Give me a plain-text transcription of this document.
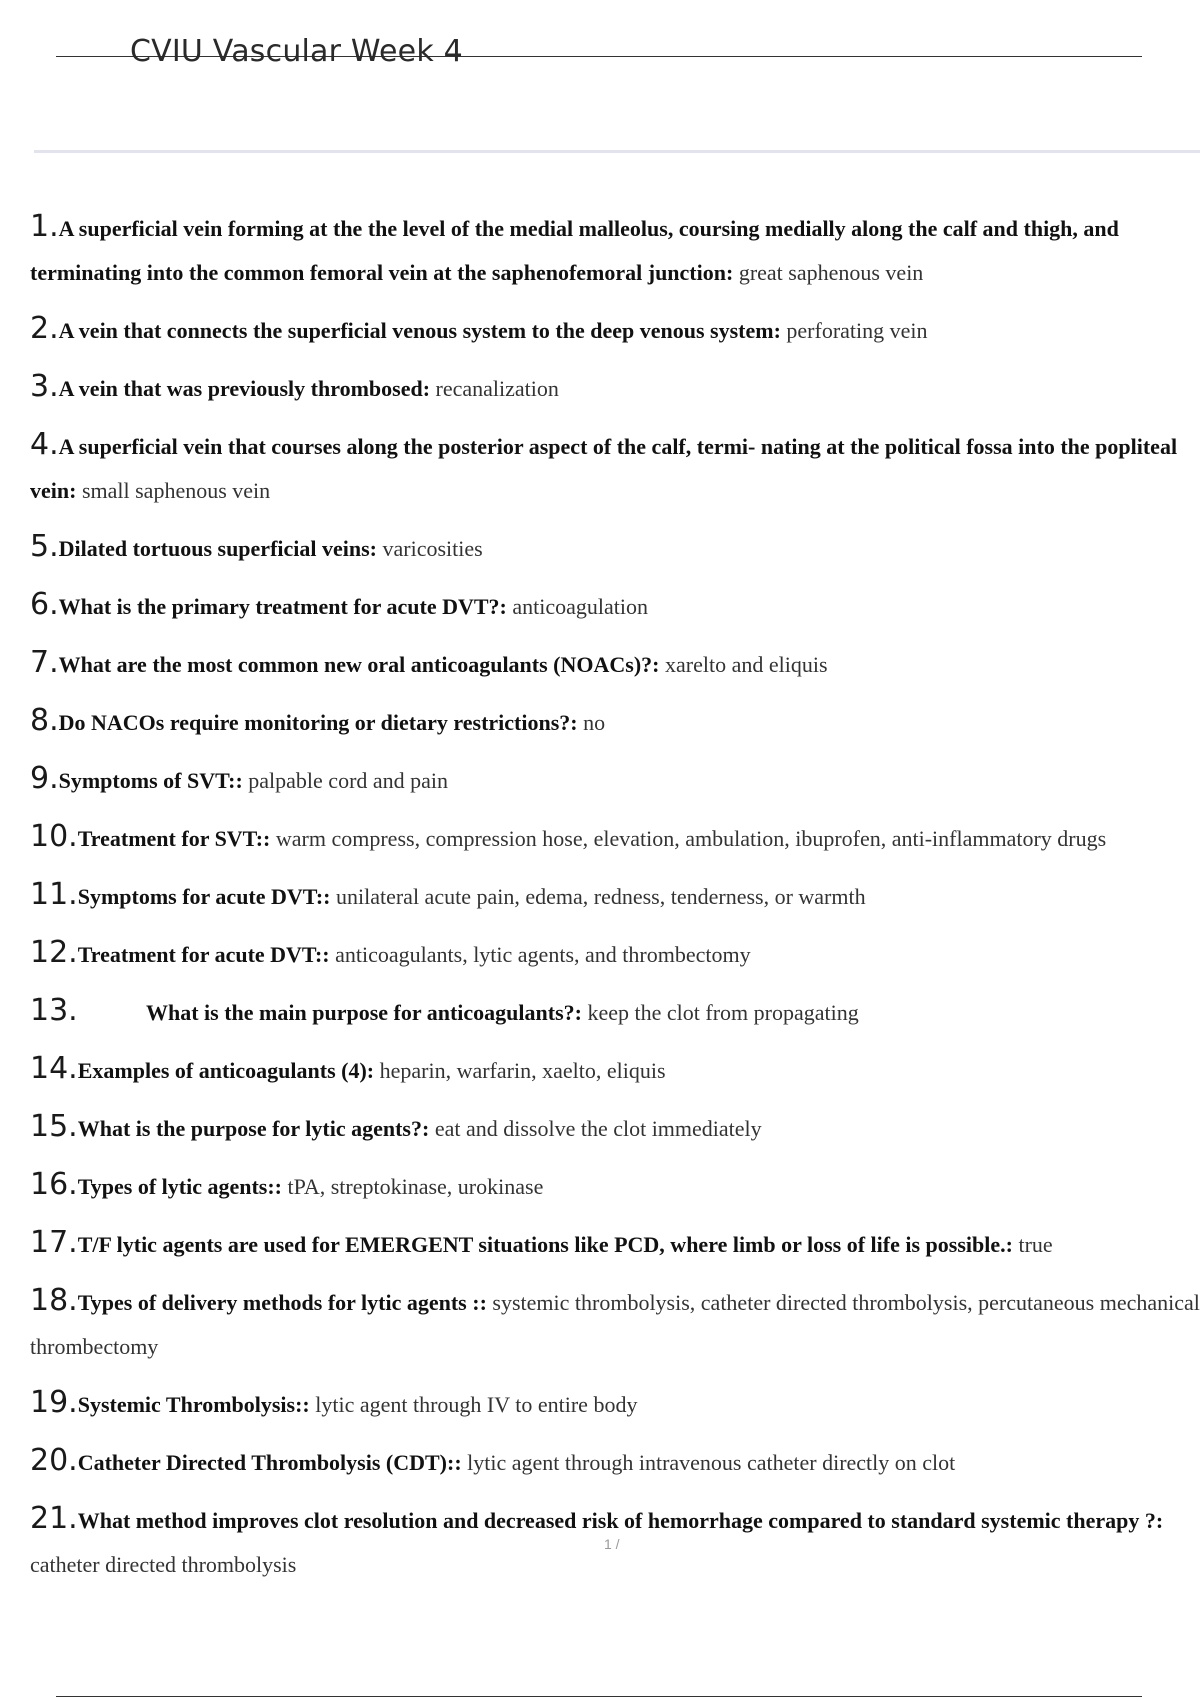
CVIU Vascular Week 4
1.A superficial vein forming at the the level of the medial malleolus, coursing medially along the calf and thigh, and terminating into the common femoral vein at the saphenofemoral junction: great saphenous vein
2.A vein that connects the superficial venous system to the deep venous system: perforating vein
3.A vein that was previously thrombosed: recanalization
4.A superficial vein that courses along the posterior aspect of the calf, termi- nating at the political fossa into the popliteal vein: small saphenous vein
5.Dilated tortuous superficial veins: varicosities
6.What is the primary treatment for acute DVT?: anticoagulation
7.What are the most common new oral anticoagulants (NOACs)?: xarelto and eliquis
8.Do NACOs require monitoring or dietary restrictions?: no
9.Symptoms of SVT:: palpable cord and pain
10.Treatment for SVT:: warm compress, compression hose, elevation, ambulation, ibuprofen, anti-inflammatory drugs
11.Symptoms for acute DVT:: unilateral acute pain, edema, redness, tenderness, or warmth
12.Treatment for acute DVT:: anticoagulants, lytic agents, and thrombectomy
13.	What is the main purpose for anticoagulants?: keep the clot from propagating
14.Examples of anticoagulants (4): heparin, warfarin, xaelto, eliquis
15.What is the purpose for lytic agents?: eat and dissolve the clot immediately
16.Types of lytic agents:: tPA, streptokinase, urokinase
17.T/F lytic agents are used for EMERGENT situations like PCD, where limb or loss of life is possible.: true
18.Types of delivery methods for lytic agents :: systemic thrombolysis, catheter directed thrombolysis, percutaneous mechanical thrombectomy
19.Systemic Thrombolysis:: lytic agent through IV to entire body
20.Catheter Directed Thrombolysis (CDT):: lytic agent through intravenous catheter directly on clot
21.What method improves clot resolution and decreased risk of hemorrhage compared to standard systemic therapy ?: catheter directed thrombolysis
1 /
